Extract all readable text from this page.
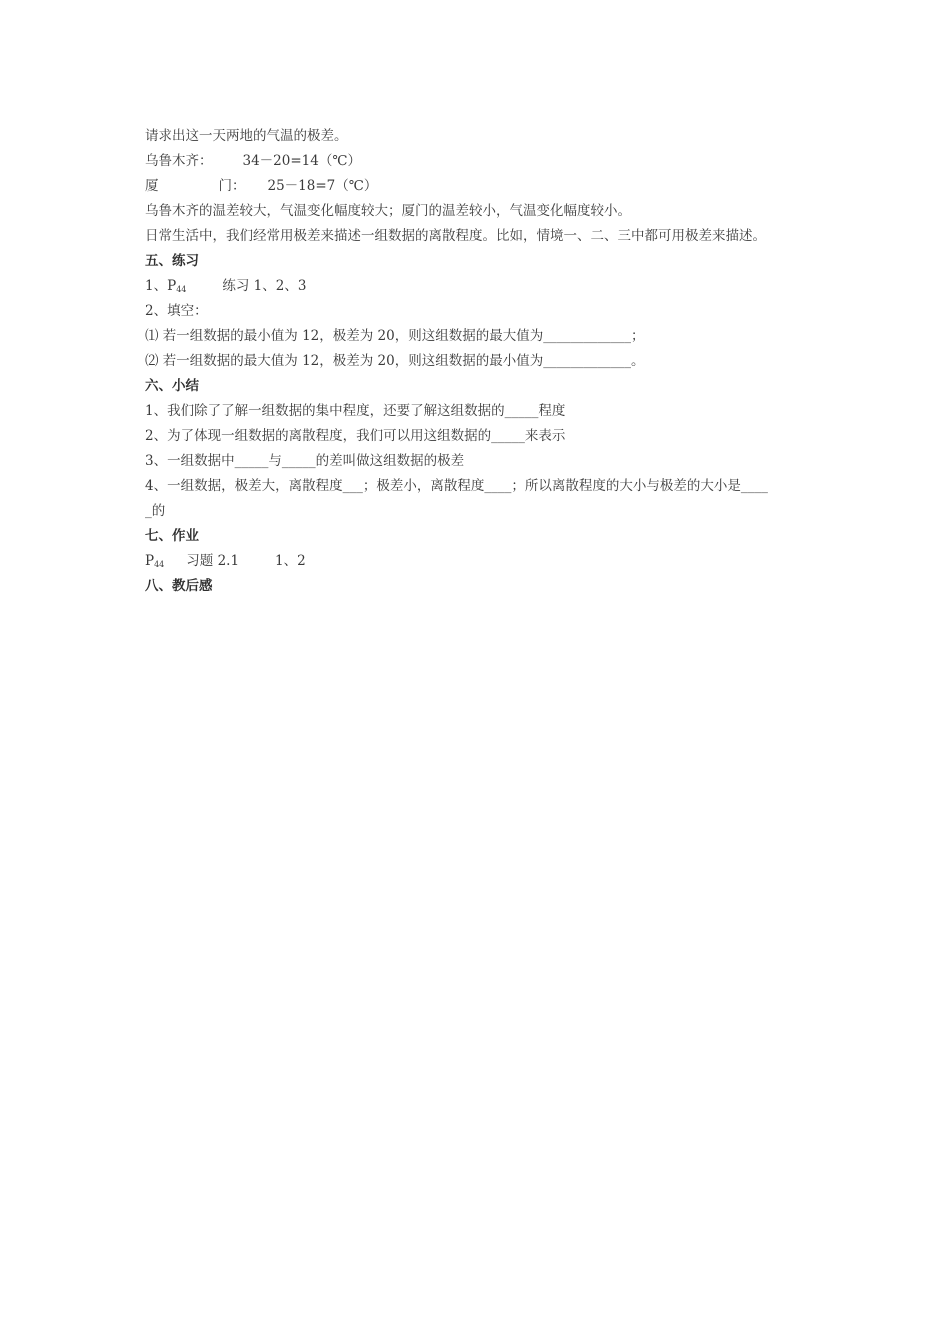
请求出这一天两地的气温的极差。
乌鲁木齐： 34－20=14（℃）
厦	门： 25－18=7（℃）
乌鲁木齐的温差较大，气温变化幅度较大；厦门的温差较小，气温变化幅度较小。
日常生活中，我们经常用极差来描述一组数据的离散程度。比如，情境一、二、三中都可用极差来描述。
五、练习
1、$P_{44}$	练习 1、2、3
2、填空：
⑴ 若一组数据的最小值为 12，极差为 20，则这组数据的最大值为_____________；
⑵ 若一组数据的最大值为 12，极差为 20，则这组数据的最小值为_____________。
六、小结
1、我们除了了解一组数据的集中程度，还要了解这组数据的_____程度
2、为了体现一组数据的离散程度，我们可以用这组数据的_____来表示
3、一组数据中_____与_____的差叫做这组数据的极差
4、一组数据，极差大，离散程度___；极差小，离散程度____；所以离散程度的大小与极差的大小是____
_的
七、作业
$P_{44}$ 习题 2.1	1、2
八、教后感
